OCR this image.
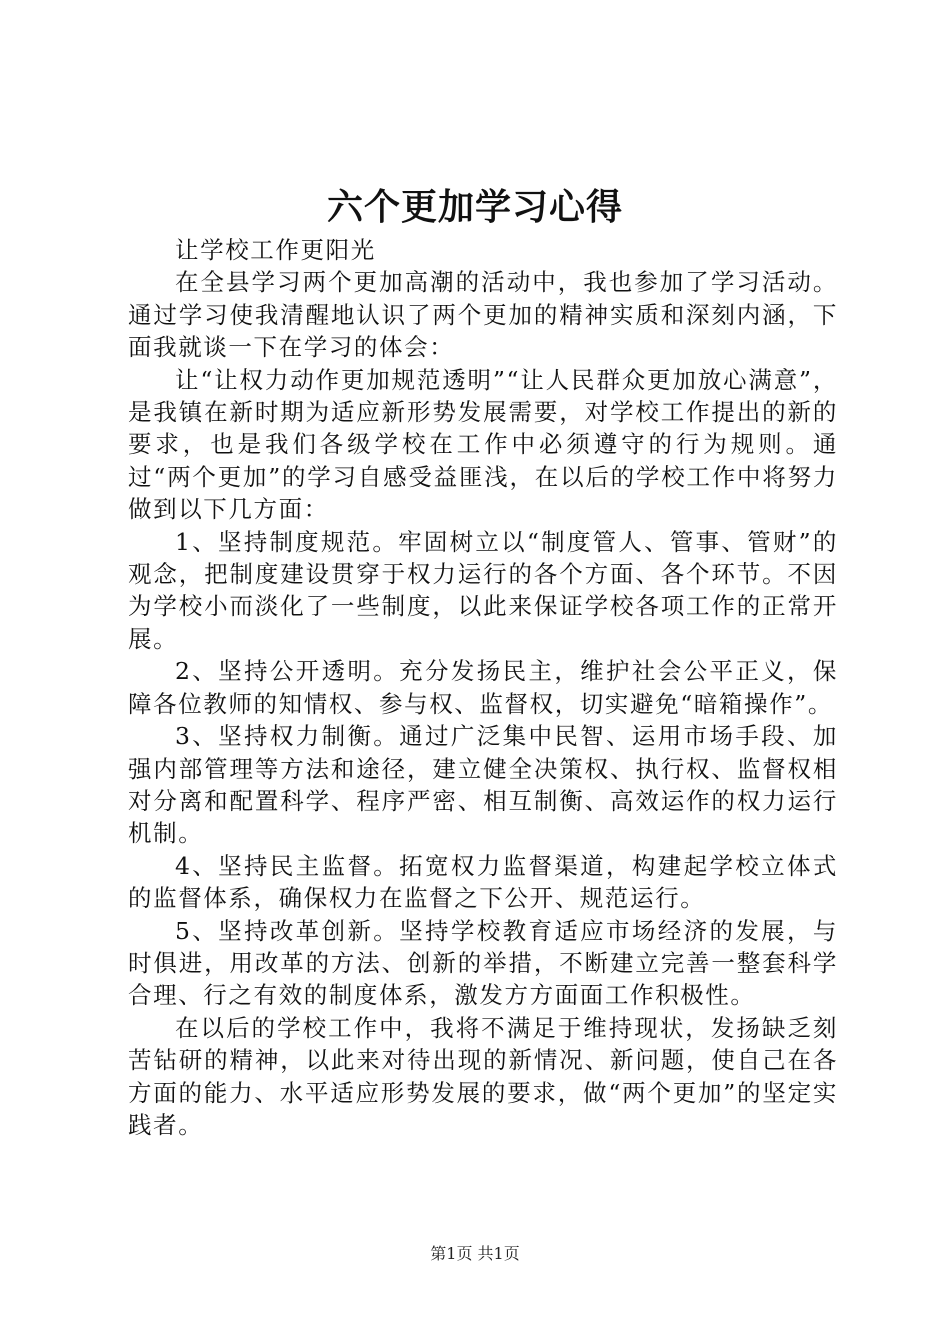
六个更加学习心得

让学校工作更阳光

在全县学习两个更加高潮的活动中，我也参加了学习活动。通过学习使我清醒地认识了两个更加的精神实质和深刻内涵，下面我就谈一下在学习的体会：

让“让权力动作更加规范透明”“让人民群众更加放心满意”，是我镇在新时期为适应新形势发展需要，对学校工作提出的新的要求，也是我们各级学校在工作中必须遵守的行为规则。通过“两个更加”的学习自感受益匪浅，在以后的学校工作中将努力做到以下几方面：

1、坚持制度规范。牢固树立以“制度管人、管事、管财”的观念，把制度建设贯穿于权力运行的各个方面、各个环节。不因为学校小而淡化了一些制度，以此来保证学校各项工作的正常开展。

2、坚持公开透明。充分发扬民主，维护社会公平正义，保障各位教师的知情权、参与权、监督权，切实避免“暗箱操作”。

3、坚持权力制衡。通过广泛集中民智、运用市场手段、加强内部管理等方法和途径，建立健全决策权、执行权、监督权相对分离和配置科学、程序严密、相互制衡、高效运作的权力运行机制。

4、坚持民主监督。拓宽权力监督渠道，构建起学校立体式的监督体系，确保权力在监督之下公开、规范运行。

5、坚持改革创新。坚持学校教育适应市场经济的发展，与时俱进，用改革的方法、创新的举措，不断建立完善一整套科学合理、行之有效的制度体系，激发方方面面工作积极性。

在以后的学校工作中，我将不满足于维持现状，发扬缺乏刻苦钻研的精神，以此来对待出现的新情况、新问题，使自己在各方面的能力、水平适应形势发展的要求，做“两个更加”的坚定实践者。

第1页 共1页
